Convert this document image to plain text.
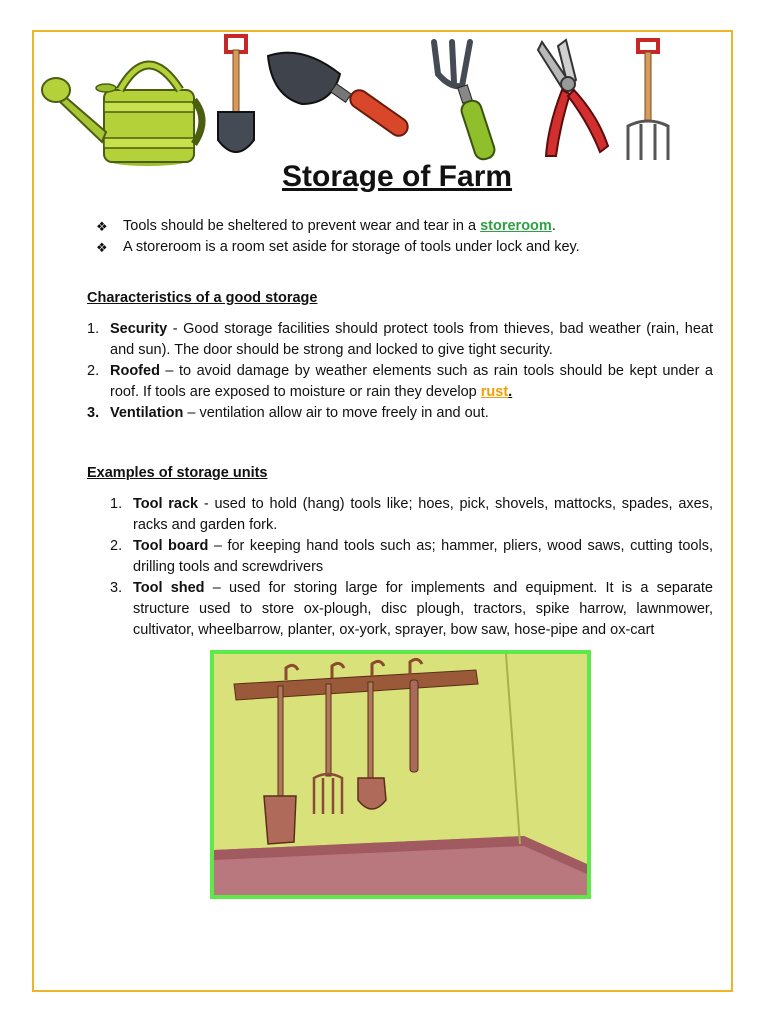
Storage of Farm
❖	Tools should be sheltered to prevent wear and tear in a storeroom.
❖	A storeroom is a room set aside for storage of tools under lock and key.
Characteristics of a good storage
1. Security - Good storage facilities should protect tools from thieves, bad weather (rain, heat and sun). The door should be strong and locked to give tight security.
2. Roofed – to avoid damage by weather elements such as rain tools should be kept under a roof. If tools are exposed to moisture or rain they develop rust.
3. Ventilation – ventilation allow air to move freely in and out.
Examples of storage units
1. Tool rack - used to hold (hang) tools like; hoes, pick, shovels, mattocks, spades, axes, racks and garden fork.
2. Tool board – for keeping hand tools such as; hammer, pliers, wood saws, cutting tools, drilling tools and screwdrivers
3. Tool shed – used for storing large for implements and equipment. It is a separate structure used to store ox-plough, disc plough, tractors, spike harrow, lawnmower, cultivator, wheelbarrow, planter, ox-york, sprayer, bow saw, hose-pipe and ox-cart
